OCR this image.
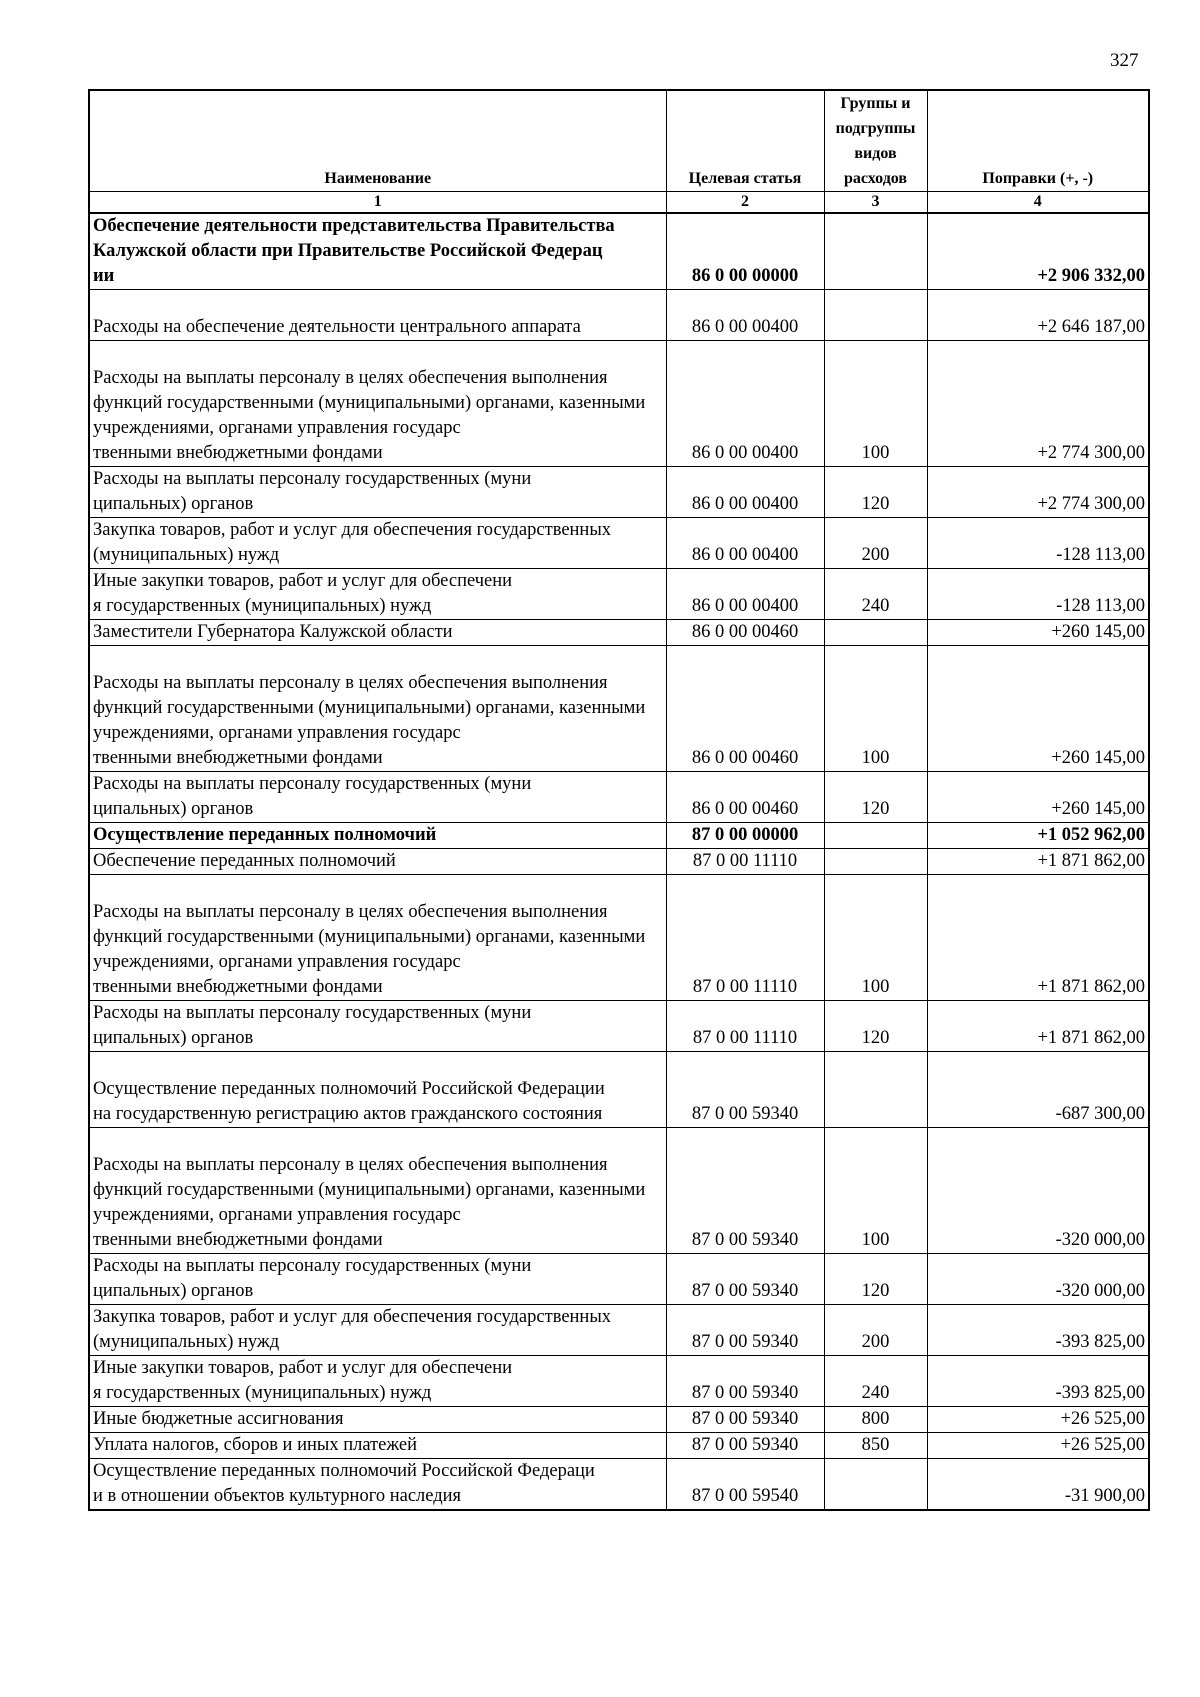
327
Наименование	Целевая статья	Группы и подгруппы видов расходов	Поправки (+, -)
1	2	3	4
Обеспечение деятельности представительства Правительства
Калужской области при Правительстве Российской Федерац
ии	86 0 00 00000		+2 906 332,00

Расходы на обеспечение деятельности центрального аппарата	86 0 00 00400		+2 646 187,00

Расходы на выплаты персоналу в целях обеспечения выполнения
функций государственными (муниципальными) органами, казенными
учреждениями, органами управления государс
твенными внебюджетными фондами	86 0 00 00400	100	+2 774 300,00
Расходы на выплаты персоналу государственных (муни
ципальных) органов	86 0 00 00400	120	+2 774 300,00
Закупка товаров, работ и услуг для обеспечения государственных
(муниципальных) нужд	86 0 00 00400	200	-128 113,00
Иные закупки товаров, работ и услуг для обеспечени
я государственных (муниципальных) нужд	86 0 00 00400	240	-128 113,00
Заместители Губернатора Калужской области	86 0 00 00460		+260 145,00

Расходы на выплаты персоналу в целях обеспечения выполнения
функций государственными (муниципальными) органами, казенными
учреждениями, органами управления государс
твенными внебюджетными фондами	86 0 00 00460	100	+260 145,00
Расходы на выплаты персоналу государственных (муни
ципальных) органов	86 0 00 00460	120	+260 145,00
Осуществление переданных полномочий	87 0 00 00000		+1 052 962,00
Обеспечение переданных полномочий	87 0 00 11110		+1 871 862,00

Расходы на выплаты персоналу в целях обеспечения выполнения
функций государственными (муниципальными) органами, казенными
учреждениями, органами управления государс
твенными внебюджетными фондами	87 0 00 11110	100	+1 871 862,00
Расходы на выплаты персоналу государственных (муни
ципальных) органов	87 0 00 11110	120	+1 871 862,00

Осуществление переданных полномочий Российской Федерации
на государственную регистрацию актов гражданского состояния	87 0 00 59340		-687 300,00

Расходы на выплаты персоналу в целях обеспечения выполнения
функций государственными (муниципальными) органами, казенными
учреждениями, органами управления государс
твенными внебюджетными фондами	87 0 00 59340	100	-320 000,00
Расходы на выплаты персоналу государственных (муни
ципальных) органов	87 0 00 59340	120	-320 000,00
Закупка товаров, работ и услуг для обеспечения государственных
(муниципальных) нужд	87 0 00 59340	200	-393 825,00
Иные закупки товаров, работ и услуг для обеспечени
я государственных (муниципальных) нужд	87 0 00 59340	240	-393 825,00
Иные бюджетные ассигнования	87 0 00 59340	800	+26 525,00
Уплата налогов, сборов и иных платежей	87 0 00 59340	850	+26 525,00
Осуществление переданных полномочий Российской Федераци
и в отношении объектов культурного наследия	87 0 00 59540		-31 900,00
